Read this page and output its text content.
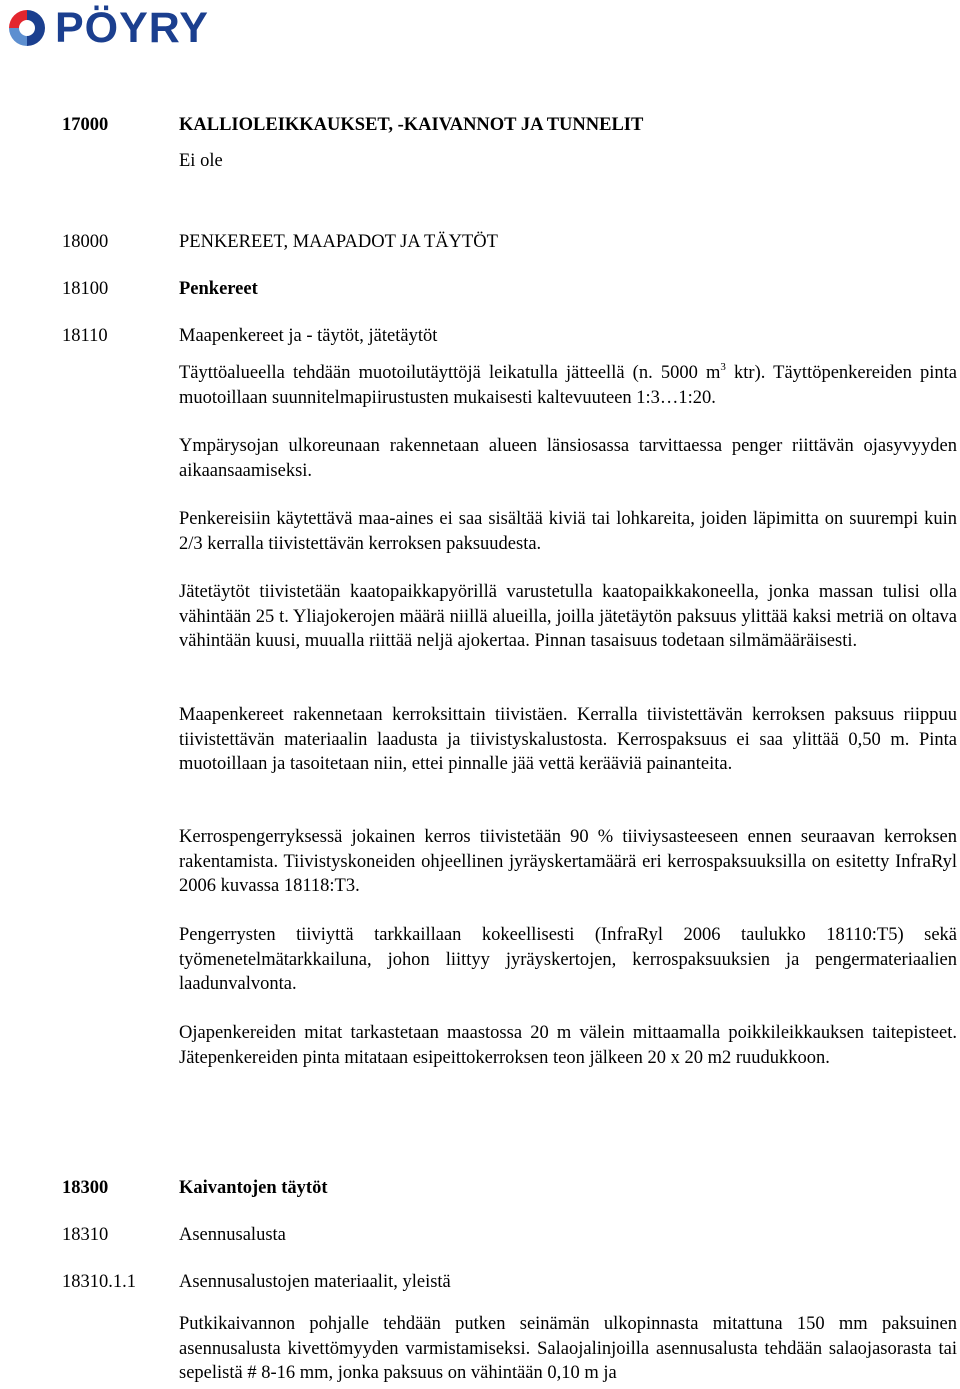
PÖYRY
17000	KALLIOLEIKKAUKSET, -KAIVANNOT JA TUNNELIT
Ei ole
18000	PENKEREET, MAAPADOT JA TÄYTÖT
18100	Penkereet
18110	Maapenkereet ja - täytöt, jätetäytöt

Täyttöalueella tehdään muotoilutäyttöjä leikatulla jätteellä (n. 5000 $m^3$ ktr). Täyttöpenkereiden pinta muotoillaan suunnitelmapiirustusten mukaisesti kaltevuuteen 1:3…1:20.

Ympärysojan ulkoreunaan rakennetaan alueen länsiosassa tarvittaessa penger riittävän ojasyvyyden aikaansaamiseksi.
Penkereisiin käytettävä maa-aines ei saa sisältää kiviä tai lohkareita, joiden läpimitta on suurempi kuin 2/3 kerralla tiivistettävän kerroksen paksuudesta.
Jätetäytöt tiivistetään kaatopaikkapyörillä varustetulla kaatopaikkakoneella, jonka massan tulisi olla vähintään 25 t. Yliajokerojen määrä niillä alueilla, joilla jätetäytön paksuus ylittää kaksi metriä on oltava vähintään kuusi, muualla riittää neljä ajokertaa. Pinnan tasaisuus todetaan silmämääräisesti.
Maapenkereet rakennetaan kerroksittain tiivistäen. Kerralla tiivistettävän kerroksen paksuus riippuu tiivistettävän materiaalin laadusta ja tiivistyskalustosta. Kerrospaksuus ei saa ylittää 0,50 m. Pinta muotoillaan ja tasoitetaan niin, ettei pinnalle jää vettä kerääviä painanteita.
Kerrospengerryksessä jokainen kerros tiivistetään 90 % tiiviysasteeseen ennen seuraavan kerroksen rakentamista. Tiivistyskoneiden ohjeellinen jyräyskertamäärä eri kerrospaksuuksilla on esitetty InfraRyl 2006 kuvassa 18118:T3.
Pengerrysten tiiviyttä tarkkaillaan kokeellisesti (InfraRyl 2006 taulukko 18110:T5) sekä työmenetelmätarkkailuna, johon liittyy jyräyskertojen, kerrospaksuuksien ja pengermateriaalien laadunvalvonta.
Ojapenkereiden mitat tarkastetaan maastossa 20 m välein mittaamalla poikkileikkauksen taitepisteet. Jätepenkereiden pinta mitataan esipeittokerroksen teon jälkeen 20 x 20 m2 ruudukkoon.
18300	Kaivantojen täytöt
18310	Asennusalusta
18310.1.1 Asennusalustojen materiaalit, yleistä
Putkikaivannon pohjalle tehdään putken seinämän ulkopinnasta mitattuna 150 mm paksuinen asennusalusta kivettömyyden varmistamiseksi. Salaojalinjoilla asennusalusta tehdään salaojasorasta tai sepelistä # 8-16 mm, jonka paksuus on vähintään 0,10 m ja
